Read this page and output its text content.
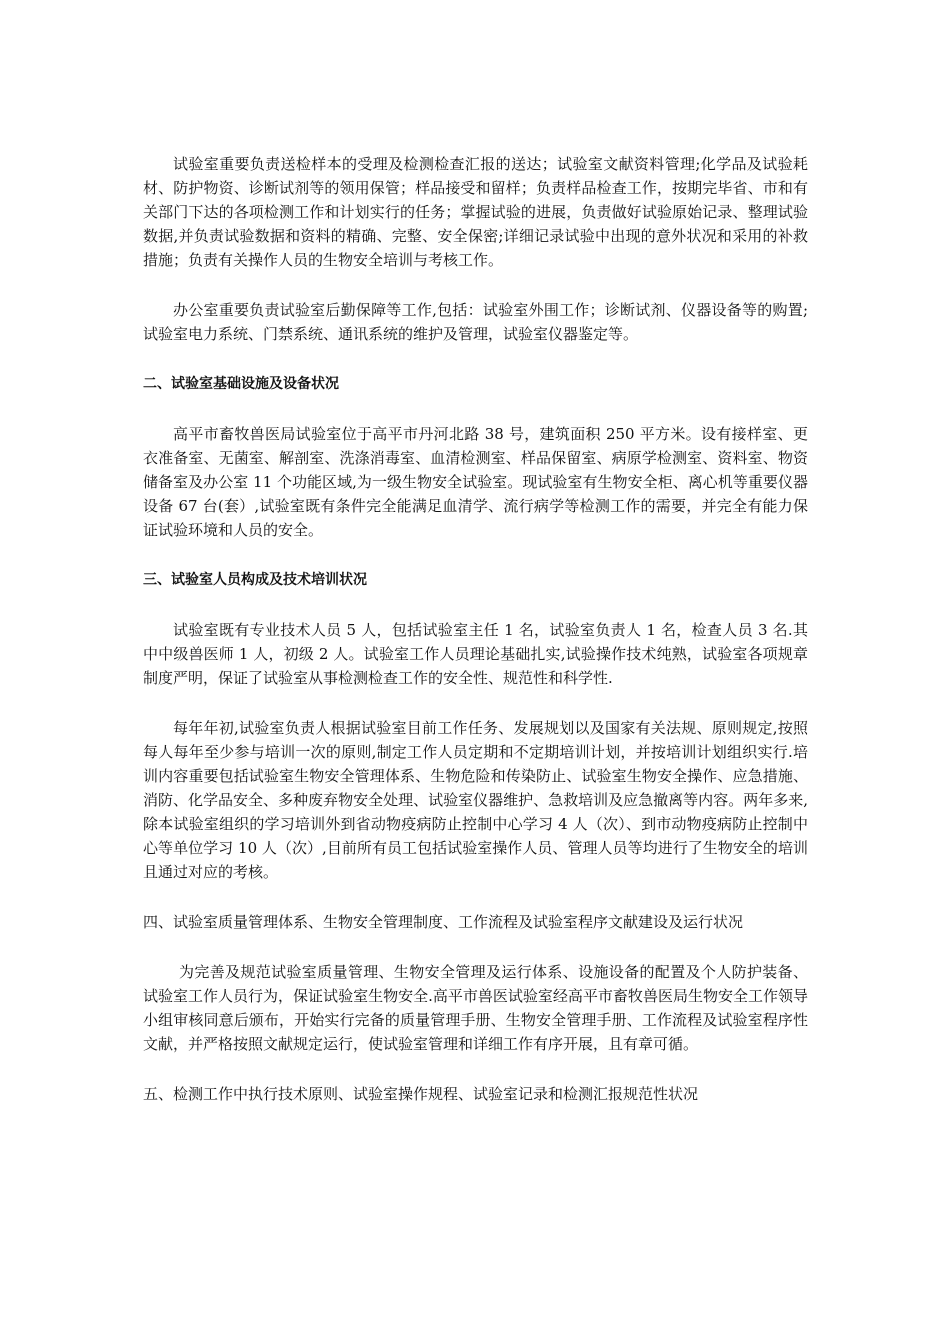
试验室重要负责送检样本的受理及检测检查汇报的送达；试验室文献资料管理;化学品及试验耗材、防护物资、诊断试剂等的领用保管；样品接受和留样；负责样品检查工作，按期完毕省、市和有关部门下达的各项检测工作和计划实行的任务；掌握试验的进展，负责做好试验原始记录、整理试验数据,并负责试验数据和资料的精确、完整、安全保密;详细记录试验中出现的意外状况和采用的补救措施；负责有关操作人员的生物安全培训与考核工作。

办公室重要负责试验室后勤保障等工作,包括：试验室外围工作；诊断试剂、仪器设备等的购置;试验室电力系统、门禁系统、通讯系统的维护及管理，试验室仪器鉴定等。

二、试验室基础设施及设备状况

高平市畜牧兽医局试验室位于高平市丹河北路 38 号，建筑面积 250 平方米。设有接样室、更衣准备室、无菌室、解剖室、洗涤消毒室、血清检测室、样品保留室、病原学检测室、资料室、物资储备室及办公室 11 个功能区域,为一级生物安全试验室。现试验室有生物安全柜、离心机等重要仪器设备 67 台(套）,试验室既有条件完全能满足血清学、流行病学等检测工作的需要，并完全有能力保证试验环境和人员的安全。

三、试验室人员构成及技术培训状况

试验室既有专业技术人员 5 人，包括试验室主任 1 名，试验室负责人 1 名，检查人员 3 名.其中中级兽医师 1 人，初级 2 人。试验室工作人员理论基础扎实,试验操作技术纯熟，试验室各项规章制度严明，保证了试验室从事检测检查工作的安全性、规范性和科学性.

每年年初,试验室负责人根据试验室目前工作任务、发展规划以及国家有关法规、原则规定,按照每人每年至少参与培训一次的原则,制定工作人员定期和不定期培训计划，并按培训计划组织实行.培训内容重要包括试验室生物安全管理体系、生物危险和传染防止、试验室生物安全操作、应急措施、消防、化学品安全、多种废弃物安全处理、试验室仪器维护、急救培训及应急撤离等内容。两年多来,除本试验室组织的学习培训外到省动物疫病防止控制中心学习 4 人（次）、到市动物疫病防止控制中心等单位学习 10 人（次）,目前所有员工包括试验室操作人员、管理人员等均进行了生物安全的培训且通过对应的考核。

四、试验室质量管理体系、生物安全管理制度、工作流程及试验室程序文献建设及运行状况

为完善及规范试验室质量管理、生物安全管理及运行体系、设施设备的配置及个人防护装备、试验室工作人员行为，保证试验室生物安全.高平市兽医试验室经高平市畜牧兽医局生物安全工作领导小组审核同意后颁布，开始实行完备的质量管理手册、生物安全管理手册、工作流程及试验室程序性文献，并严格按照文献规定运行，使试验室管理和详细工作有序开展，且有章可循。

五、检测工作中执行技术原则、试验室操作规程、试验室记录和检测汇报规范性状况
